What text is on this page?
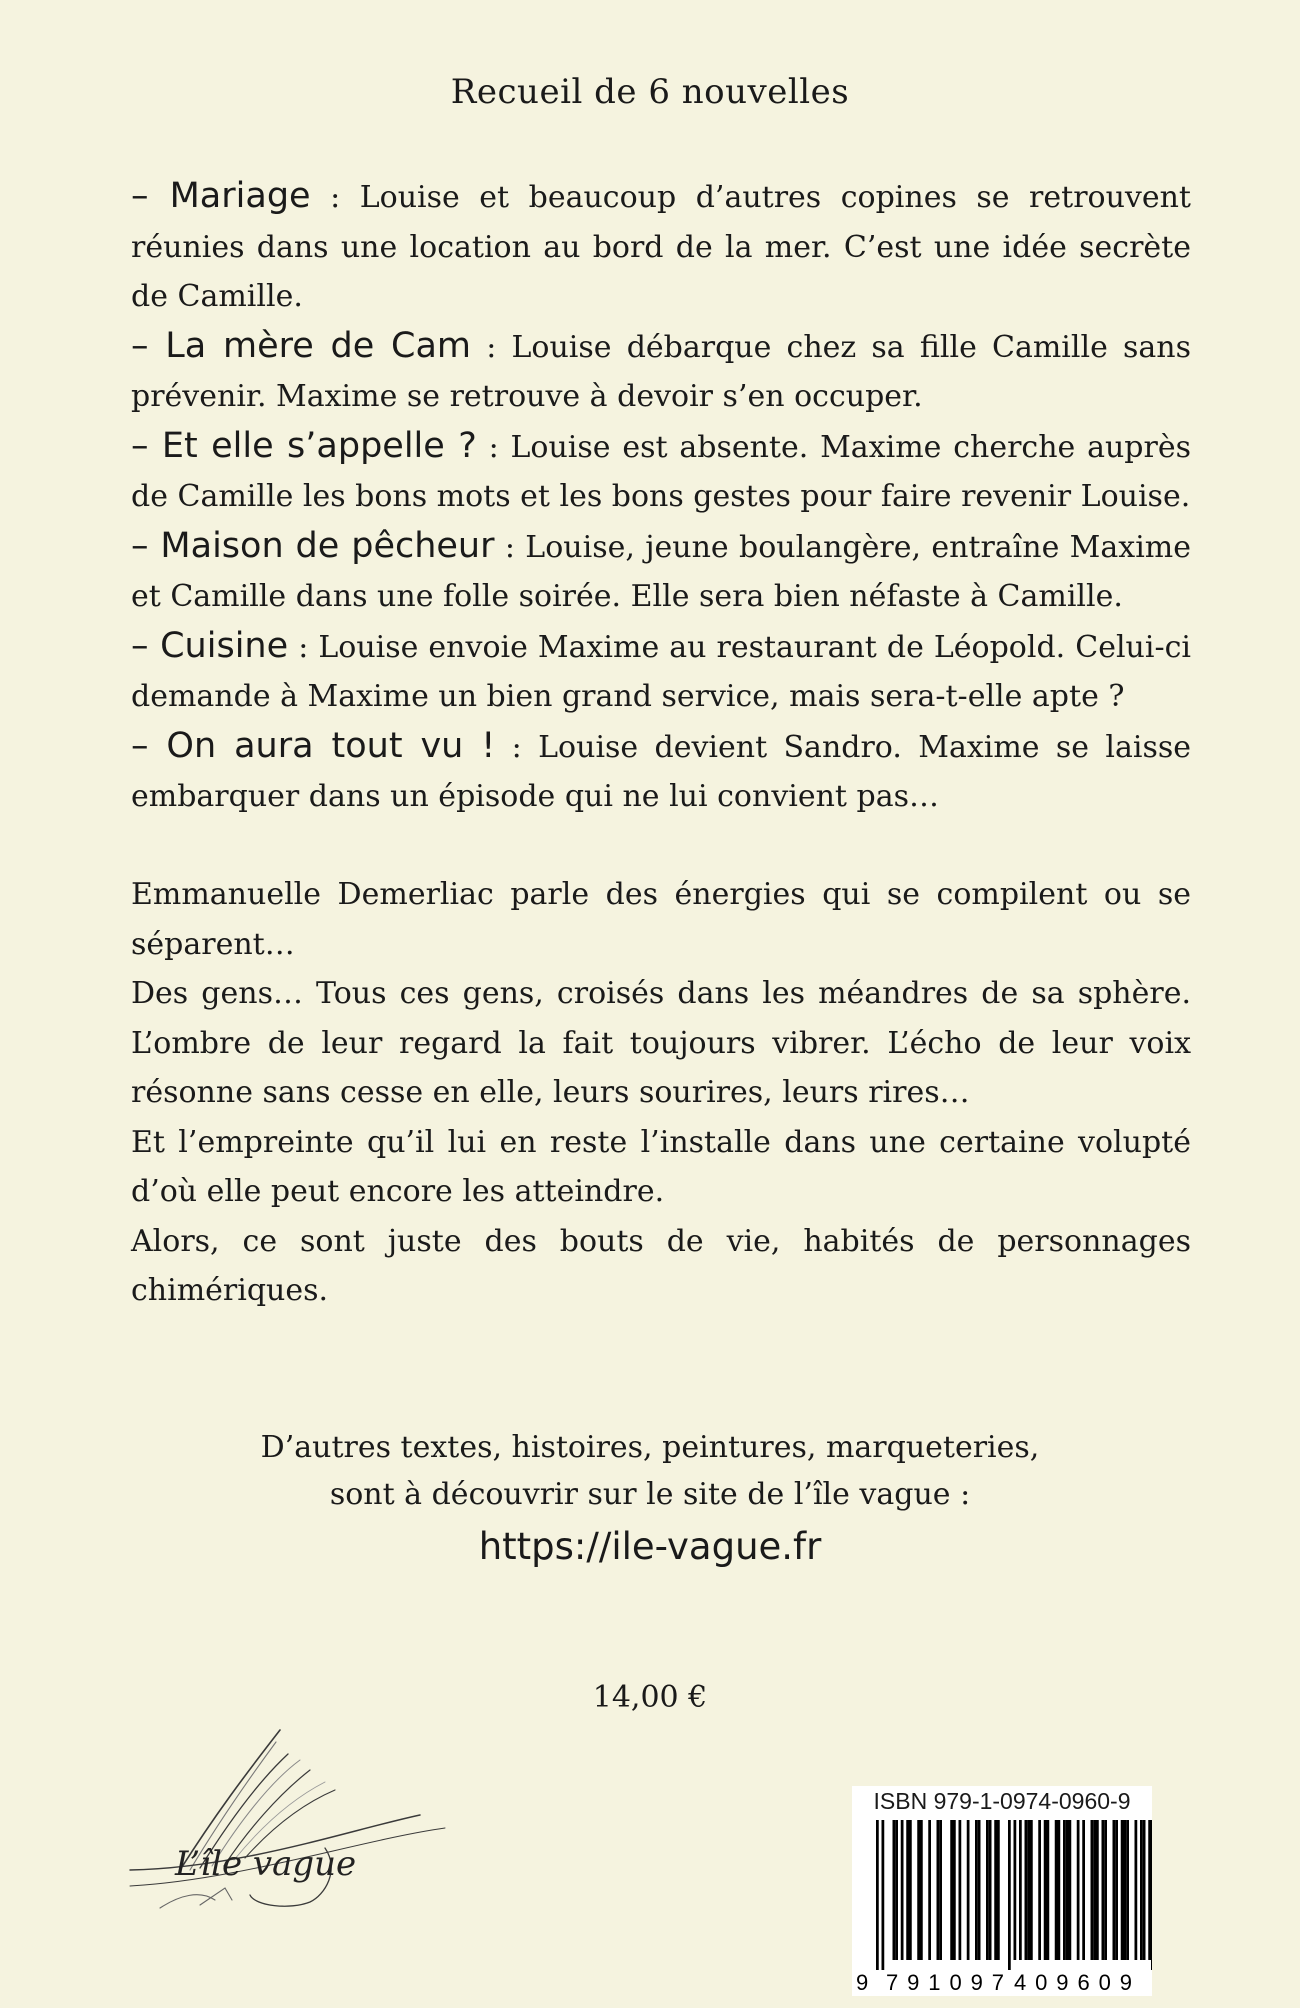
Recueil de 6 nouvelles

– Mariage : Louise et beaucoup d’autres copines se retrouvent réunies dans une location au bord de la mer. C’est une idée secrète de Camille.

– La mère de Cam : Louise débarque chez sa fille Camille sans prévenir. Maxime se retrouve à devoir s’en occuper.

– Et elle s’appelle ? : Louise est absente. Maxime cherche auprès de Camille les bons mots et les bons gestes pour faire revenir Louise.

– Maison de pêcheur : Louise, jeune boulangère, entraîne Maxime et Camille dans une folle soirée. Elle sera bien néfaste à Camille.

– Cuisine : Louise envoie Maxime au restaurant de Léopold. Celui-ci demande à Maxime un bien grand service, mais sera-t-elle apte ?

– On aura tout vu ! : Louise devient Sandro. Maxime se laisse embarquer dans un épisode qui ne lui convient pas…

Emmanuelle Demerliac parle des énergies qui se compilent ou se séparent…

Des gens… Tous ces gens, croisés dans les méandres de sa sphère. L’ombre de leur regard la fait toujours vibrer. L’écho de leur voix résonne sans cesse en elle, leurs sourires, leurs rires…

Et l’empreinte qu’il lui en reste l’installe dans une certaine volupté d’où elle peut encore les atteindre.

Alors, ce sont juste des bouts de vie, habités de personnages chimériques.

D’autres textes, histoires, peintures, marqueteries,

sont à découvrir sur le site de l’île vague :

https://ile-vague.fr

14,00 €
L’île vague
ISBN 979-1-0974-0960-9
9 791097 409609
